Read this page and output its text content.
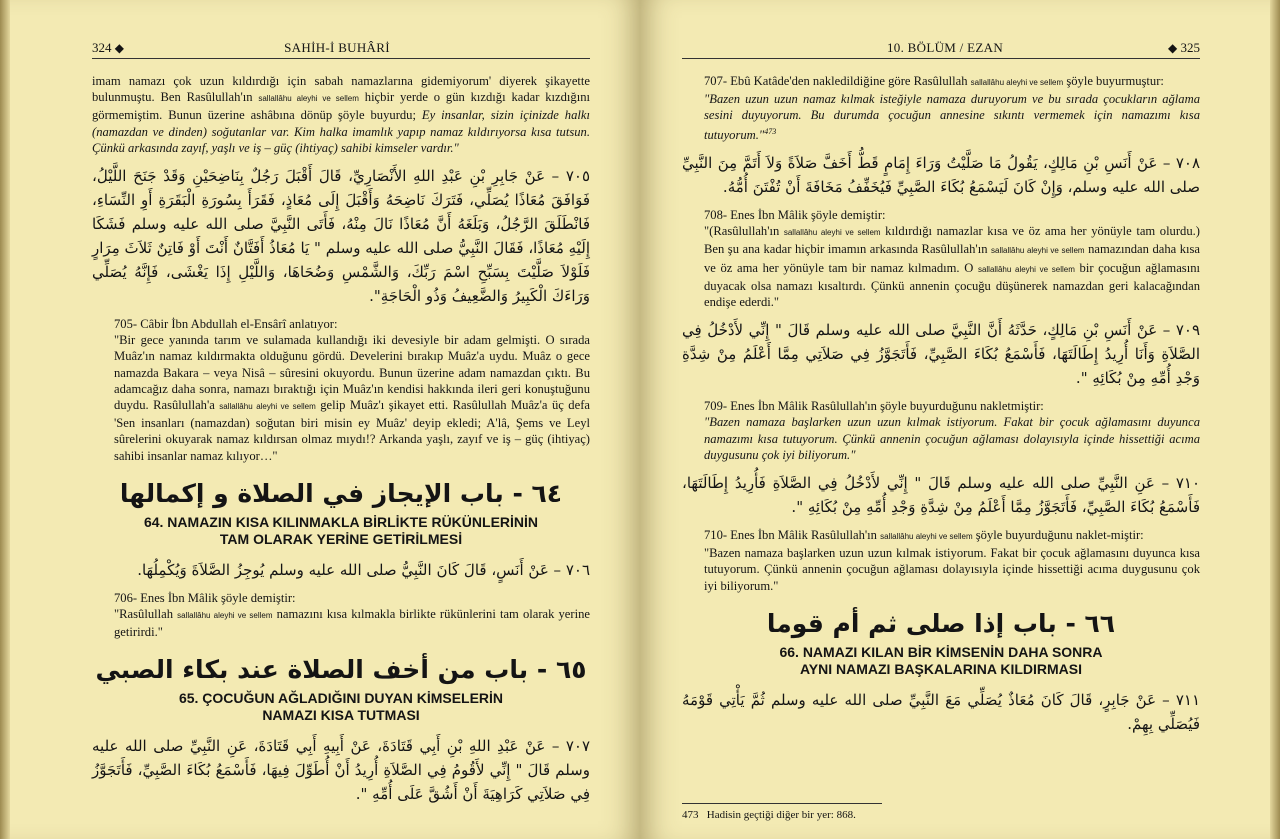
324 ◆	SAHİH-İ BUHÂRİ

imam namazı çok uzun kıldırdığı için sabah namazlarına gidemiyorum' diyerek şikayette bulunmuştu. Ben Rasûlullah'ın sallallâhu aleyhi ve sellem hiçbir yerde o gün kızdığı kadar kızdığını görmemiştim. Bunun üzerine ashâbına dönüp şöyle buyurdu; Ey insanlar, sizin içinizde halkı (namazdan ve dinden) soğutanlar var. Kim halka imamlık yapıp namaz kıldırıyorsa kısa tutsun. Çünkü arkasında zayıf, yaşlı ve iş – güç (ihtiyaç) sahibi kimseler vardır."

٧٠٥ – عَنْ جَابِرِ بْنِ عَبْدِ اللهِ الأَنْصَارِيِّ، قَالَ أَقْبَلَ رَجُلٌ بِنَاضِحَيْنِ وَقَدْ جَنَحَ اللَّيْلُ، فَوَافَقَ مُعَاذًا يُصَلِّي، فَتَرَكَ نَاضِحَهُ وَأَقْبَلَ إِلَى مُعَاذٍ، فَقَرَأَ بِسُورَةِ الْبَقَرَةِ أَوِ النِّسَاءِ، فَانْطَلَقَ الرَّجُلُ، وَبَلَغَهُ أَنَّ مُعَاذًا نَالَ مِنْهُ، فَأَتَى النَّبِيَّ صلى الله عليه وسلم فَشَكَا إِلَيْهِ مُعَاذًا، فَقَالَ النَّبِيُّ صلى الله عليه وسلم " يَا مُعَاذُ أَفَتَّانٌ أَنْتَ أَوْ فَاتِنٌ ثَلاَثَ مِرَارٍ فَلَوْلاَ صَلَّيْتَ بِسَبِّحِ اسْمَ رَبِّكَ، وَالشَّمْسِ وَضُحَاهَا، وَاللَّيْلِ إِذَا يَغْشَى، فَإِنَّهُ يُصَلِّي وَرَاءَكَ الْكَبِيرُ وَالضَّعِيفُ وَذُو الْحَاجَةِ".

705- Câbir İbn Abdullah el-Ensârî anlatıyor:

"Bir gece yanında tarım ve sulamada kullandığı iki devesiyle bir adam gelmişti. O sırada Muâz'ın namaz kıldırmakta olduğunu gördü. Develerini bırakıp Muâz'a uydu. Muâz o gece namazda Bakara – veya Nisâ – sûresini okuyordu. Bunun üzerine adam namazdan çıktı. Bu adamcağız daha sonra, namazı bıraktığı için Muâz'ın kendisi hakkında ileri geri konuştuğunu duydu. Rasûlullah'a sallallâhu aleyhi ve sellem gelip Muâz'ı şikayet etti. Rasûlullah Muâz'a üç defa 'Sen insanları (namazdan) soğutan biri misin ey Muâz' deyip ekledi; A'lâ, Şems ve Leyl sûrelerini okuyarak namaz kıldırsan olmaz mıydı!? Arkanda yaşlı, zayıf ve iş – güç (ihtiyaç) sahibi insanlar namaz kılıyor…"

٦٤ - باب الإيجاز في الصلاة و إكمالها
64. NAMAZIN KISA KILINMAKLA BİRLİKTE RÜKÜNLERİNİN
TAM OLARAK YERİNE GETİRİLMESİ

٧٠٦ – عَنْ أَنَسٍ، قَالَ كَانَ النَّبِيُّ صلى الله عليه وسلم يُوجِزُ الصَّلاَةَ وَيُكْمِلُهَا.

706- Enes İbn Mâlik şöyle demiştir:

"Rasûlullah sallallâhu aleyhi ve sellem namazını kısa kılmakla birlikte rükünlerini tam olarak yerine getirirdi."

٦٥ - باب من أخف الصلاة عند بكاء الصبي
65. ÇOCUĞUN AĞLADIĞINI DUYAN KİMSELERİN
NAMAZI KISA TUTMASI

٧٠٧ – عَنْ عَبْدِ اللهِ بْنِ أَبِي قَتَادَةَ، عَنْ أَبِيهِ أَبِي قَتَادَةَ، عَنِ النَّبِيِّ صلى الله عليه وسلم قَالَ " إِنِّي لأَقُومُ فِي الصَّلاَةِ أُرِيدُ أَنْ أُطَوِّلَ فِيهَا، فَأَسْمَعُ بُكَاءَ الصَّبِيِّ، فَأَتَجَوَّزُ فِي صَلاَتِي كَرَاهِيَةَ أَنْ أَشُقَّ عَلَى أُمِّهِ ".

10. BÖLÜM / EZAN	◆ 325

707- Ebû Katâde'den nakledildiğine göre Rasûlullah sallallâhu aleyhi ve sellem şöyle buyurmuştur:

"Bazen uzun uzun namaz kılmak isteğiyle namaza duruyorum ve bu sırada çocukların ağlama sesini duyuyorum. Bu durumda çocuğun annesine sıkıntı vermemek için namazımı kısa tutuyorum."$^{473}$

٧٠٨ – عَنْ أَنَسِ بْنِ مَالِكٍ، يَقُولُ مَا صَلَّيْتُ وَرَاءَ إِمَامٍ قَطُّ أَخَفَّ صَلاَةً وَلاَ أَتَمَّ مِنَ النَّبِيِّ صلى الله عليه وسلم، وَإِنْ كَانَ لَيَسْمَعُ بُكَاءَ الصَّبِيِّ فَيُخَفِّفُ مَخَافَةَ أَنْ تُفْتَنَ أُمُّهُ.

708- Enes İbn Mâlik şöyle demiştir:

"(Rasûlullah'ın sallallâhu aleyhi ve sellem kıldırdığı namazlar kısa ve öz ama her yönüyle tam olurdu.) Ben şu ana kadar hiçbir imamın arkasında Rasûlullah'ın sallallâhu aleyhi ve sellem namazından daha kısa ve öz ama her yönüyle tam bir namaz kılmadım. O sallallâhu aleyhi ve sellem bir çocuğun ağlamasını duyacak olsa namazı kısaltırdı. Çünkü annenin çocuğu düşünerek namazdan geri kalacağından endişe ederdi."

٧٠٩ – عَنْ أَنَسِ بْنِ مَالِكٍ، حَدَّثَهُ أَنَّ النَّبِيَّ صلى الله عليه وسلم قَالَ " إِنِّي لأَدْخُلُ فِي الصَّلاَةِ وَأَنَا أُرِيدُ إِطَالَتَهَا، فَأَسْمَعُ بُكَاءَ الصَّبِيِّ، فَأَتَجَوَّزُ فِي صَلاَتِي مِمَّا أَعْلَمُ مِنْ شِدَّةِ وَجْدِ أُمِّهِ مِنْ بُكَائِهِ ".

709- Enes İbn Mâlik Rasûlullah'ın şöyle buyurduğunu nakletmiştir:

"Bazen namaza başlarken uzun uzun kılmak istiyorum. Fakat bir çocuk ağlamasını duyunca namazımı kısa tutuyorum. Çünkü annenin çocuğun ağlaması dolayısıyla içinde hissettiği acıma duygusunu çok iyi biliyorum."

٧١٠ – عَنِ النَّبِيِّ صلى الله عليه وسلم قَالَ " إِنِّي لأَدْخُلُ فِي الصَّلاَةِ فَأُرِيدُ إِطَالَتَهَا، فَأَسْمَعُ بُكَاءَ الصَّبِيِّ، فَأَتَجَوَّزُ مِمَّا أَعْلَمُ مِنْ شِدَّةِ وَجْدِ أُمِّهِ مِنْ بُكَائِهِ ".

710- Enes İbn Mâlik Rasûlullah'ın sallallâhu aleyhi ve sellem şöyle buyurduğunu naklet-miştir:

"Bazen namaza başlarken uzun uzun kılmak istiyorum. Fakat bir çocuk ağlamasını duyunca kısa tutuyorum. Çünkü annenin çocuğun ağlaması dolayısıyla içinde hissettiği acıma duygusunu çok iyi biliyorum."

٦٦ - باب إذا صلى ثم أم قوما
66. NAMAZI KILAN BİR KİMSENİN DAHA SONRA
AYNI NAMAZI BAŞKALARINA KILDIRMASI

٧١١ – عَنْ جَابِرٍ، قَالَ كَانَ مُعَاذٌ يُصَلِّي مَعَ النَّبِيِّ صلى الله عليه وسلم ثُمَّ يَأْتِي قَوْمَهُ فَيُصَلِّي بِهِمْ.

473 Hadisin geçtiği diğer bir yer: 868.
